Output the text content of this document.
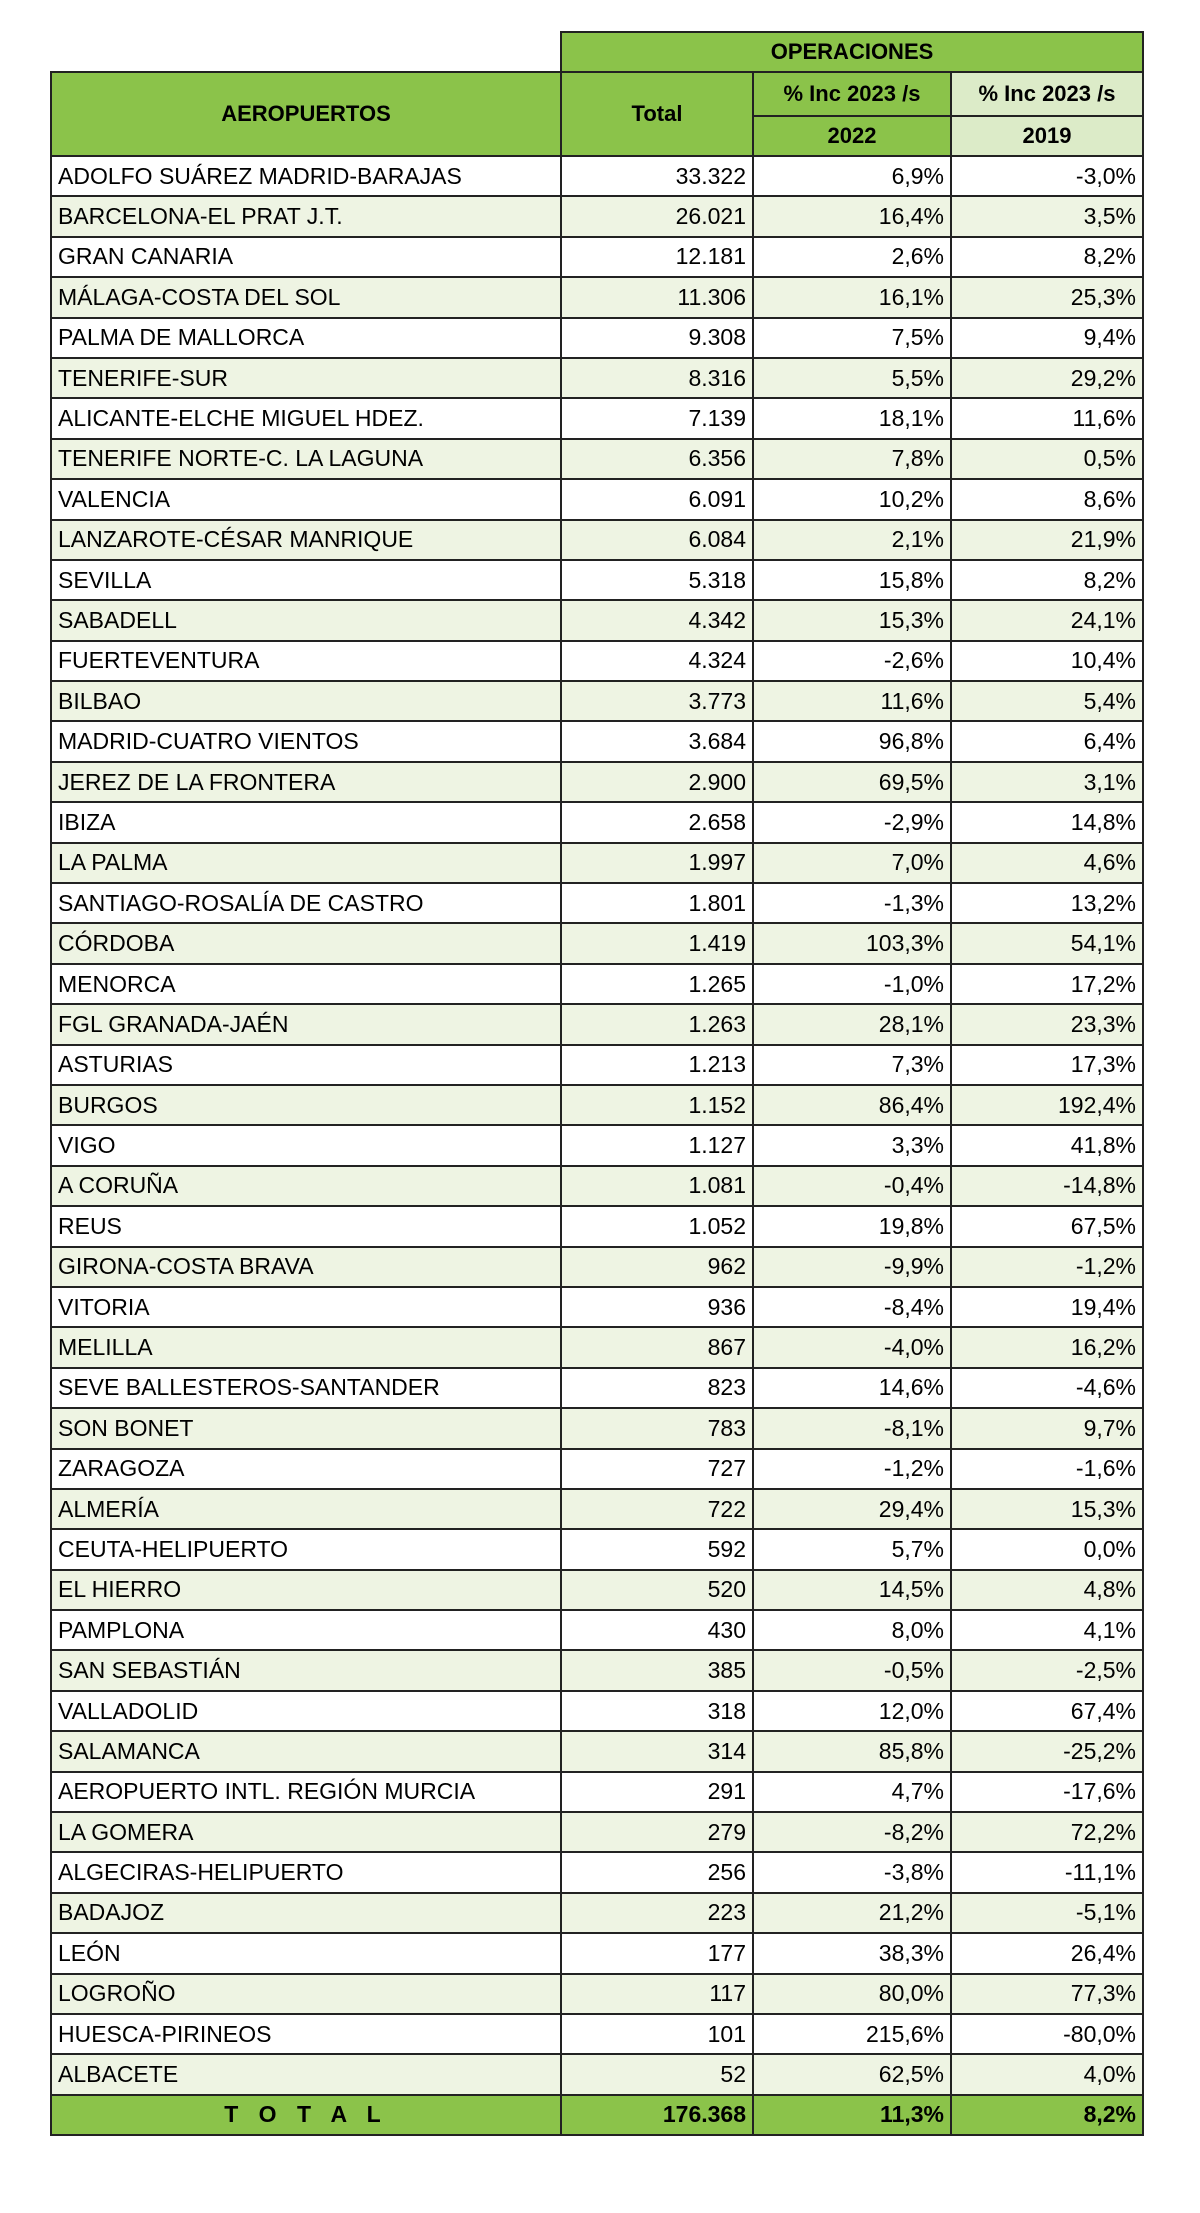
	OPERACIONES		
AEROPUERTOS	Total	% Inc 2023 /s	% Inc 2023 /s
		2022	2019
ADOLFO SUÁREZ MADRID-BARAJAS	33.322	6,9%	-3,0%
BARCELONA-EL PRAT J.T.	26.021	16,4%	3,5%
GRAN CANARIA	12.181	2,6%	8,2%
MÁLAGA-COSTA DEL SOL	11.306	16,1%	25,3%
PALMA DE MALLORCA	9.308	7,5%	9,4%
TENERIFE-SUR	8.316	5,5%	29,2%
ALICANTE-ELCHE MIGUEL HDEZ.	7.139	18,1%	11,6%
TENERIFE NORTE-C. LA LAGUNA	6.356	7,8%	0,5%
VALENCIA	6.091	10,2%	8,6%
LANZAROTE-CÉSAR MANRIQUE	6.084	2,1%	21,9%
SEVILLA	5.318	15,8%	8,2%
SABADELL	4.342	15,3%	24,1%
FUERTEVENTURA	4.324	-2,6%	10,4%
BILBAO	3.773	11,6%	5,4%
MADRID-CUATRO VIENTOS	3.684	96,8%	6,4%
JEREZ DE LA FRONTERA	2.900	69,5%	3,1%
IBIZA	2.658	-2,9%	14,8%
LA PALMA	1.997	7,0%	4,6%
SANTIAGO-ROSALÍA DE CASTRO	1.801	-1,3%	13,2%
CÓRDOBA	1.419	103,3%	54,1%
MENORCA	1.265	-1,0%	17,2%
FGL GRANADA-JAÉN	1.263	28,1%	23,3%
ASTURIAS	1.213	7,3%	17,3%
BURGOS	1.152	86,4%	192,4%
VIGO	1.127	3,3%	41,8%
A CORUÑA	1.081	-0,4%	-14,8%
REUS	1.052	19,8%	67,5%
GIRONA-COSTA BRAVA	962	-9,9%	-1,2%
VITORIA	936	-8,4%	19,4%
MELILLA	867	-4,0%	16,2%
SEVE BALLESTEROS-SANTANDER	823	14,6%	-4,6%
SON BONET	783	-8,1%	9,7%
ZARAGOZA	727	-1,2%	-1,6%
ALMERÍA	722	29,4%	15,3%
CEUTA-HELIPUERTO	592	5,7%	0,0%
EL HIERRO	520	14,5%	4,8%
PAMPLONA	430	8,0%	4,1%
SAN SEBASTIÁN	385	-0,5%	-2,5%
VALLADOLID	318	12,0%	67,4%
SALAMANCA	314	85,8%	-25,2%
AEROPUERTO INTL. REGIÓN MURCIA	291	4,7%	-17,6%
LA GOMERA	279	-8,2%	72,2%
ALGECIRAS-HELIPUERTO	256	-3,8%	-11,1%
BADAJOZ	223	21,2%	-5,1%
LEÓN	177	38,3%	26,4%
LOGROÑO	117	80,0%	77,3%
HUESCA-PIRINEOS	101	215,6%	-80,0%
ALBACETE	52	62,5%	4,0%
T O T A L	176.368	11,3%	8,2%
